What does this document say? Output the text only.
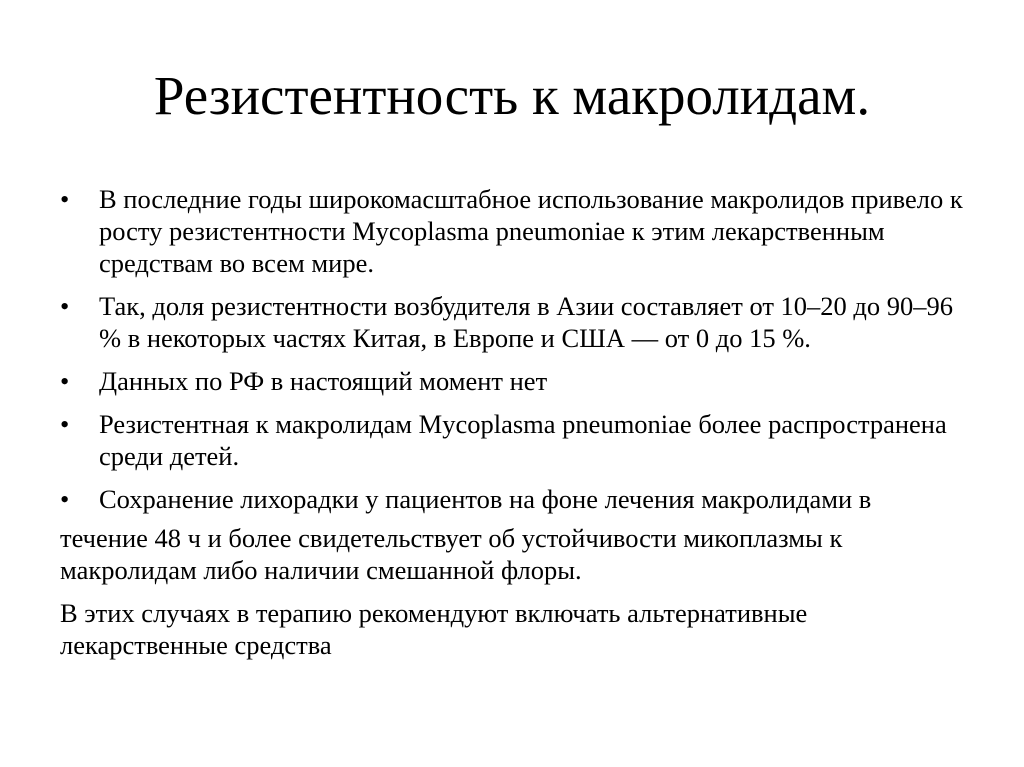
Резистентность к макролидам.
•	В последние годы широкомасштабное использование макролидов привело к росту резистентности Mycoplasma pneumoniae к этим лекарственным средствам во всем мире.
•	Так, доля резистентности возбудителя в Азии составляет от 10–20 до 90–96 % в некоторых частях Китая, в Европе и США — от 0 до 15 %.
•	Данных по РФ в настоящий момент нет
•	Резистентная к макролидам Mycoplasma pneumoniae более распространена среди детей.
•	Сохранение лихорадки у пациентов на фоне лечения макролидами в

течение 48 ч и более свидетельствует об устойчивости микоплазмы к макролидам либо наличии смешанной флоры.

В этих случаях в терапию рекомендуют включать альтернативные лекарственные средства
